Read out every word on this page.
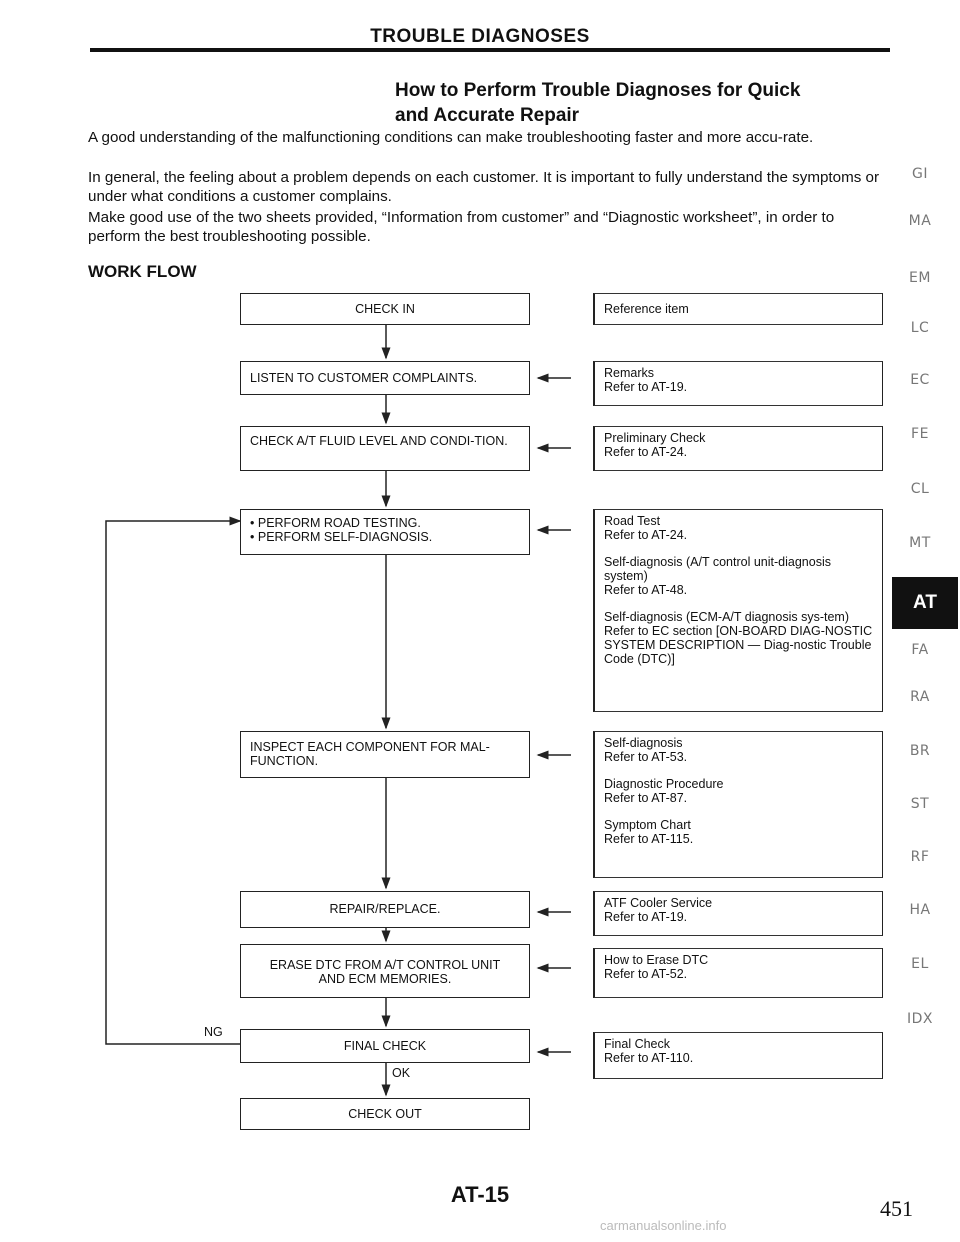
TROUBLE DIAGNOSES
How to Perform Trouble Diagnoses for Quick
and Accurate Repair
A good understanding of the malfunctioning conditions can make troubleshooting faster and more accu-rate.
In general, the feeling about a problem depends on each customer. It is important to fully understand the symptoms or under what conditions a customer complains.
Make good use of the two sheets provided, “Information from customer” and “Diagnostic worksheet”, in order to perform the best troubleshooting possible.
WORK FLOW
CHECK IN
LISTEN TO CUSTOMER COMPLAINTS.
CHECK A/T FLUID LEVEL AND CONDI-TION.
• PERFORM ROAD TESTING.
• PERFORM SELF-DIAGNOSIS.
INSPECT EACH COMPONENT FOR MAL-FUNCTION.
REPAIR/REPLACE.
ERASE DTC FROM A/T CONTROL UNIT
AND ECM MEMORIES.
FINAL CHECK
CHECK OUT
NG
OK
Reference item
Remarks
Refer to AT-19.
Preliminary Check
Refer to AT-24.
Road Test
Refer to AT-24.
Self-diagnosis (A/T control unit-diagnosis system)
Refer to AT-48.
Self-diagnosis (ECM-A/T diagnosis sys-tem)
Refer to EC section [ON-BOARD DIAG-NOSTIC SYSTEM DESCRIPTION — Diag-nostic Trouble Code (DTC)]
Self-diagnosis
Refer to AT-53.
Diagnostic Procedure
Refer to AT-87.
Symptom Chart
Refer to AT-115.
ATF Cooler Service
Refer to AT-19.
How to Erase DTC
Refer to AT-52.
Final Check
Refer to AT-110.
GI
MA
EM
LC
EC
FE
CL
MT
AT
FA
RA
BR
ST
RF
HA
EL
IDX
AT-15
451
carmanualsonline.info
